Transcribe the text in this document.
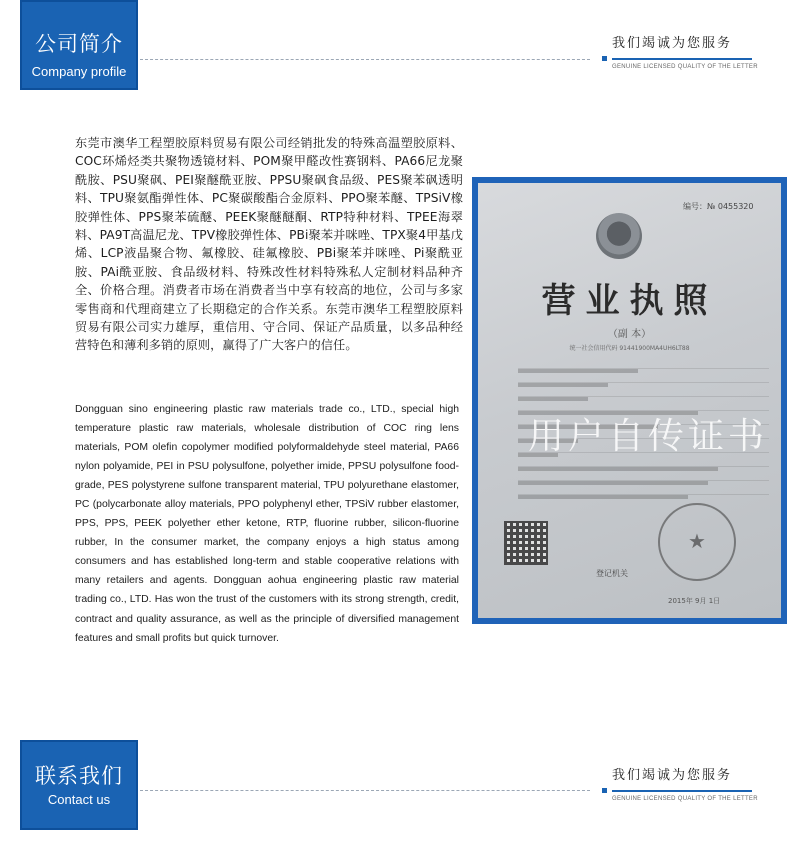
公司简介
Company profile
我们竭诚为您服务
GENUINE LICENSED QUALITY OF THE LETTER

东莞市澳华工程塑胶原料贸易有限公司经销批发的特殊高温塑胶原料、COC环烯烃类共聚物透镜材料、POM聚甲醛改性赛钢料、PA66尼龙聚酰胺、PSU聚砜、PEI聚醚酰亚胺、PPSU聚砜食品级、PES聚苯砜透明料、TPU聚氨酯弹性体、PC聚碳酸酯合金原料、PPO聚苯醚、TPSiV橡胶弹性体、PPS聚苯硫醚、PEEK聚醚醚酮、RTP特种材料、TPEE海翠料、PA9T高温尼龙、TPV橡胶弹性体、PBi聚苯并咪唑、TPX聚4甲基戊烯、LCP液晶聚合物、氟橡胶、硅氟橡胶、PBi聚苯并咪唑、Pi聚酰亚胺、PAi酰亚胺、食品级材料、特殊改性材料特殊私人定制材料品种齐全、价格合理。消费者市场在消费者当中享有较高的地位，公司与多家零售商和代理商建立了长期稳定的合作关系。东莞市澳华工程塑胶原料贸易有限公司实力雄厚，重信用、守合同、保证产品质量，以多品种经营特色和薄利多销的原则，赢得了广大客户的信任。

Dongguan sino engineering plastic raw materials trade co., LTD., special high temperature plastic raw materials, wholesale distribution of COC ring lens materials, POM olefin copolymer modified polyformaldehyde steel material, PA66 nylon polyamide, PEI in PSU polysulfone, polyether imide, PPSU polysulfone food-grade, PES polystyrene sulfone transparent material, TPU polyurethane elastomer, PC (polycarbonate alloy materials, PPO polyphenyl ether, TPSiV rubber elastomer, PPS, PPS, PEEK polyether ether ketone, RTP, fluorine rubber, silicon-fluorine rubber, In the consumer market, the company enjoys a high status among consumers and has established long-term and stable cooperative relations with many retailers and agents. Dongguan aohua engineering plastic raw material trading co., LTD. Has won the trust of the customers with its strong strength, credit, contract and quality assurance, as well as the principle of diversified management features and small profits but quick turnover.

编号：№ 0455320
营业执照
（副 本）
统一社会信用代码 91441900MA4UH6LT88
用户自传证书
登记机关
★
2015年 9月 1日
联系我们
Contact us
我们竭诚为您服务
GENUINE LICENSED QUALITY OF THE LETTER
